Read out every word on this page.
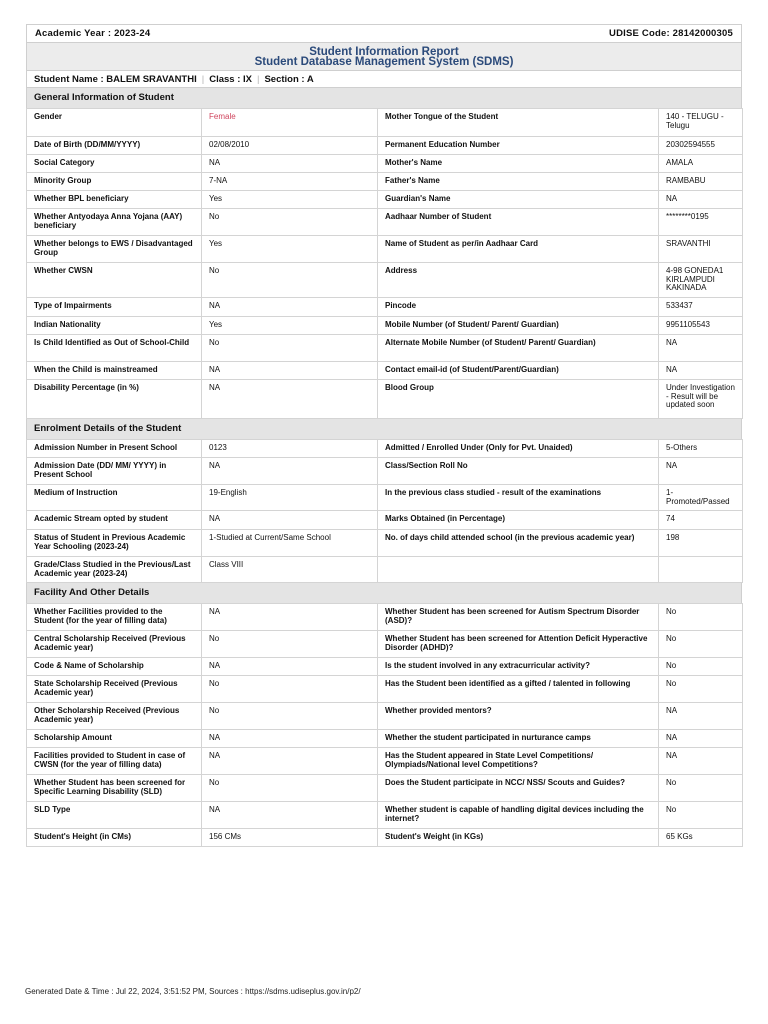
Academic Year : 2023-24	UDISE Code: 28142000305
Student Information Report
Student Database Management System (SDMS)
Student Name : BALEM SRAVANTHI | Class : IX | Section : A
General Information of Student
Gender	Female	Mother Tongue of the Student	140 - TELUGU - Telugu
Date of Birth (DD/MM/YYYY)	02/08/2010	Permanent Education Number	20302594555
Social Category	NA	Mother's Name	AMALA
Minority Group	7-NA	Father's Name	RAMBABU
Whether BPL beneficiary	Yes	Guardian's Name	NA
Whether Antyodaya Anna Yojana (AAY) beneficiary	No	Aadhaar Number of Student	********0195
Whether belongs to EWS / Disadvantaged Group	Yes	Name of Student as per/in Aadhaar Card	SRAVANTHI
Whether CWSN	No	Address	4-98 GONEDA1 KIRLAMPUDI KAKINADA
Type of Impairments	NA	Pincode	533437
Indian Nationality	Yes	Mobile Number (of Student/ Parent/ Guardian)	9951105543
Is Child Identified as Out of School-Child	No	Alternate Mobile Number (of Student/ Parent/ Guardian)	NA
When the Child is mainstreamed	NA	Contact email-id (of Student/Parent/Guardian)	NA
Disability Percentage (in %)	NA	Blood Group	Under Investigation - Result will be updated soon
Enrolment Details of the Student
Admission Number in Present School	0123	Admitted / Enrolled Under (Only for Pvt. Unaided)	5-Others
Admission Date (DD/ MM/ YYYY) in Present School	NA	Class/Section Roll No	NA
Medium of Instruction	19-English	In the previous class studied - result of the examinations	1-Promoted/Passed
Academic Stream opted by student	NA	Marks Obtained (in Percentage)	74
Status of Student in Previous Academic Year Schooling (2023-24)	1-Studied at Current/Same School	No. of days child attended school (in the previous academic year)	198
Grade/Class Studied in the Previous/Last Academic year (2023-24)	Class VIII		
Facility And Other Details
Whether Facilities provided to the Student (for the year of filling data)	NA	Whether Student has been screened for Autism Spectrum Disorder (ASD)?	No
Central Scholarship Received (Previous Academic year)	No	Whether Student has been screened for Attention Deficit Hyperactive Disorder (ADHD)?	No
Code & Name of Scholarship	NA	Is the student involved in any extracurricular activity?	No
State Scholarship Received (Previous Academic year)	No	Has the Student been identified as a gifted / talented in following	No
Other Scholarship Received (Previous Academic year)	No	Whether provided mentors?	NA
Scholarship Amount	NA	Whether the student participated in nurturance camps	NA
Facilities provided to Student in case of CWSN (for the year of filling data)	NA	Has the Student appeared in State Level Competitions/ Olympiads/National level Competitions?	NA
Whether Student has been screened for Specific Learning Disability (SLD)	No	Does the Student participate in NCC/ NSS/ Scouts and Guides?	No
SLD Type	NA	Whether student is capable of handling digital devices including the internet?	No
Student's Height (in CMs)	156 CMs	Student's Weight (in KGs)	65 KGs
Generated Date & Time : Jul 22, 2024, 3:51:52 PM, Sources : https://sdms.udiseplus.gov.in/p2/
